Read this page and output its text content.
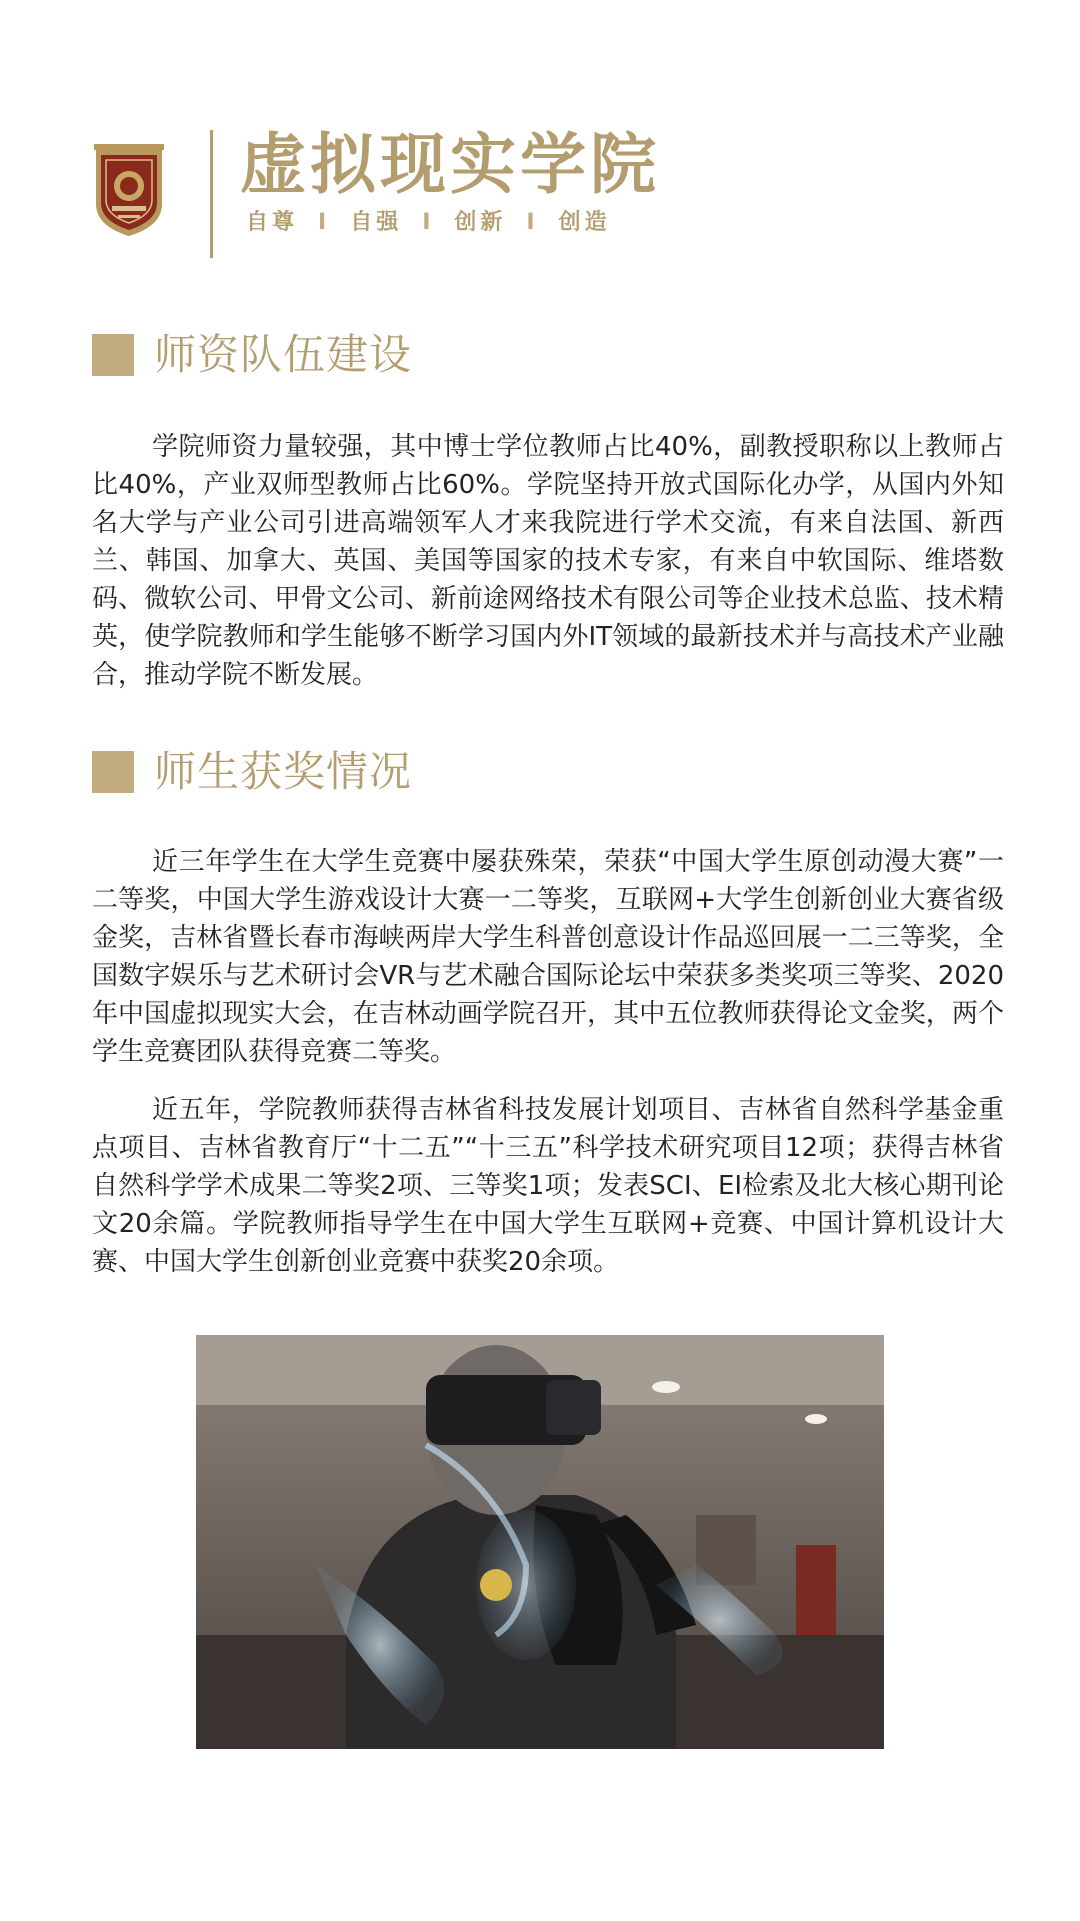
虚拟现实学院
自尊 I 自强 I 创新 I 创造
师资队伍建设

学院师资力量较强，其中博士学位教师占比40%，副教授职称以上教师占比40%，产业双师型教师占比60%。学院坚持开放式国际化办学，从国内外知名大学与产业公司引进高端领军人才来我院进行学术交流，有来自法国、新西兰、韩国、加拿大、英国、美国等国家的技术专家，有来自中软国际、维塔数码、微软公司、甲骨文公司、新前途网络技术有限公司等企业技术总监、技术精英，使学院教师和学生能够不断学习国内外IT领域的最新技术并与高技术产业融合，推动学院不断发展。

师生获奖情况

近三年学生在大学生竞赛中屡获殊荣，荣获“中国大学生原创动漫大赛”一二等奖，中国大学生游戏设计大赛一二等奖，互联网+大学生创新创业大赛省级金奖，吉林省暨长春市海峡两岸大学生科普创意设计作品巡回展一二三等奖，全国数字娱乐与艺术研讨会VR与艺术融合国际论坛中荣获多类奖项三等奖、2020年中国虚拟现实大会，在吉林动画学院召开，其中五位教师获得论文金奖，两个学生竞赛团队获得竞赛二等奖。

近五年，学院教师获得吉林省科技发展计划项目、吉林省自然科学基金重点项目、吉林省教育厅“十二五”“十三五”科学技术研究项目12项；获得吉林省自然科学学术成果二等奖2项、三等奖1项；发表SCI、EI检索及北大核心期刊论文20余篇。学院教师指导学生在中国大学生互联网+竞赛、中国计算机设计大赛、中国大学生创新创业竞赛中获奖20余项。
